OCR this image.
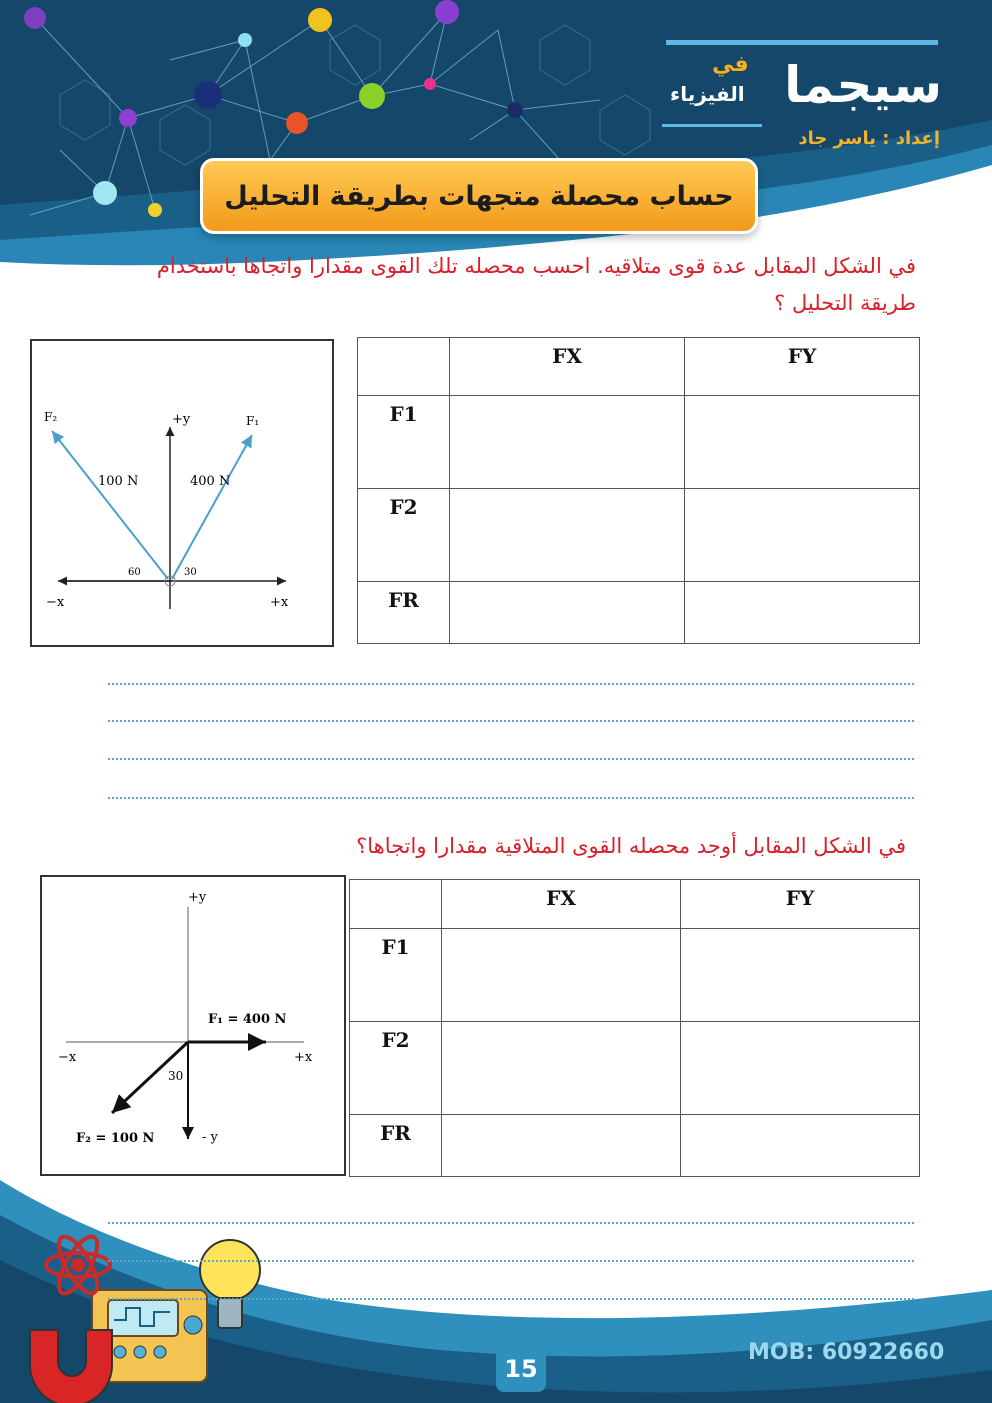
سيجما
في
الفيزياء
إعداد : ياسر جاد
حساب محصلة متجهات بطريقة التحليل
في الشكل المقابل عدة قوى متلاقيه. احسب محصله تلك القوى مقدارا واتجاها باستخدام طريقة التحليل ؟
F₂	F₁
+y
−x	+x
100 N	400 N
60	30
	FX	FY
F1		
F2		
FR		
في الشكل المقابل أوجد محصله القوى المتلاقية مقدارا واتجاها؟
+y
- y
−x	+x
F₁ = 400 N
F₂ = 100 N
30
	FX	FY
F1		
F2		
FR		
MOB: 60922660
15
